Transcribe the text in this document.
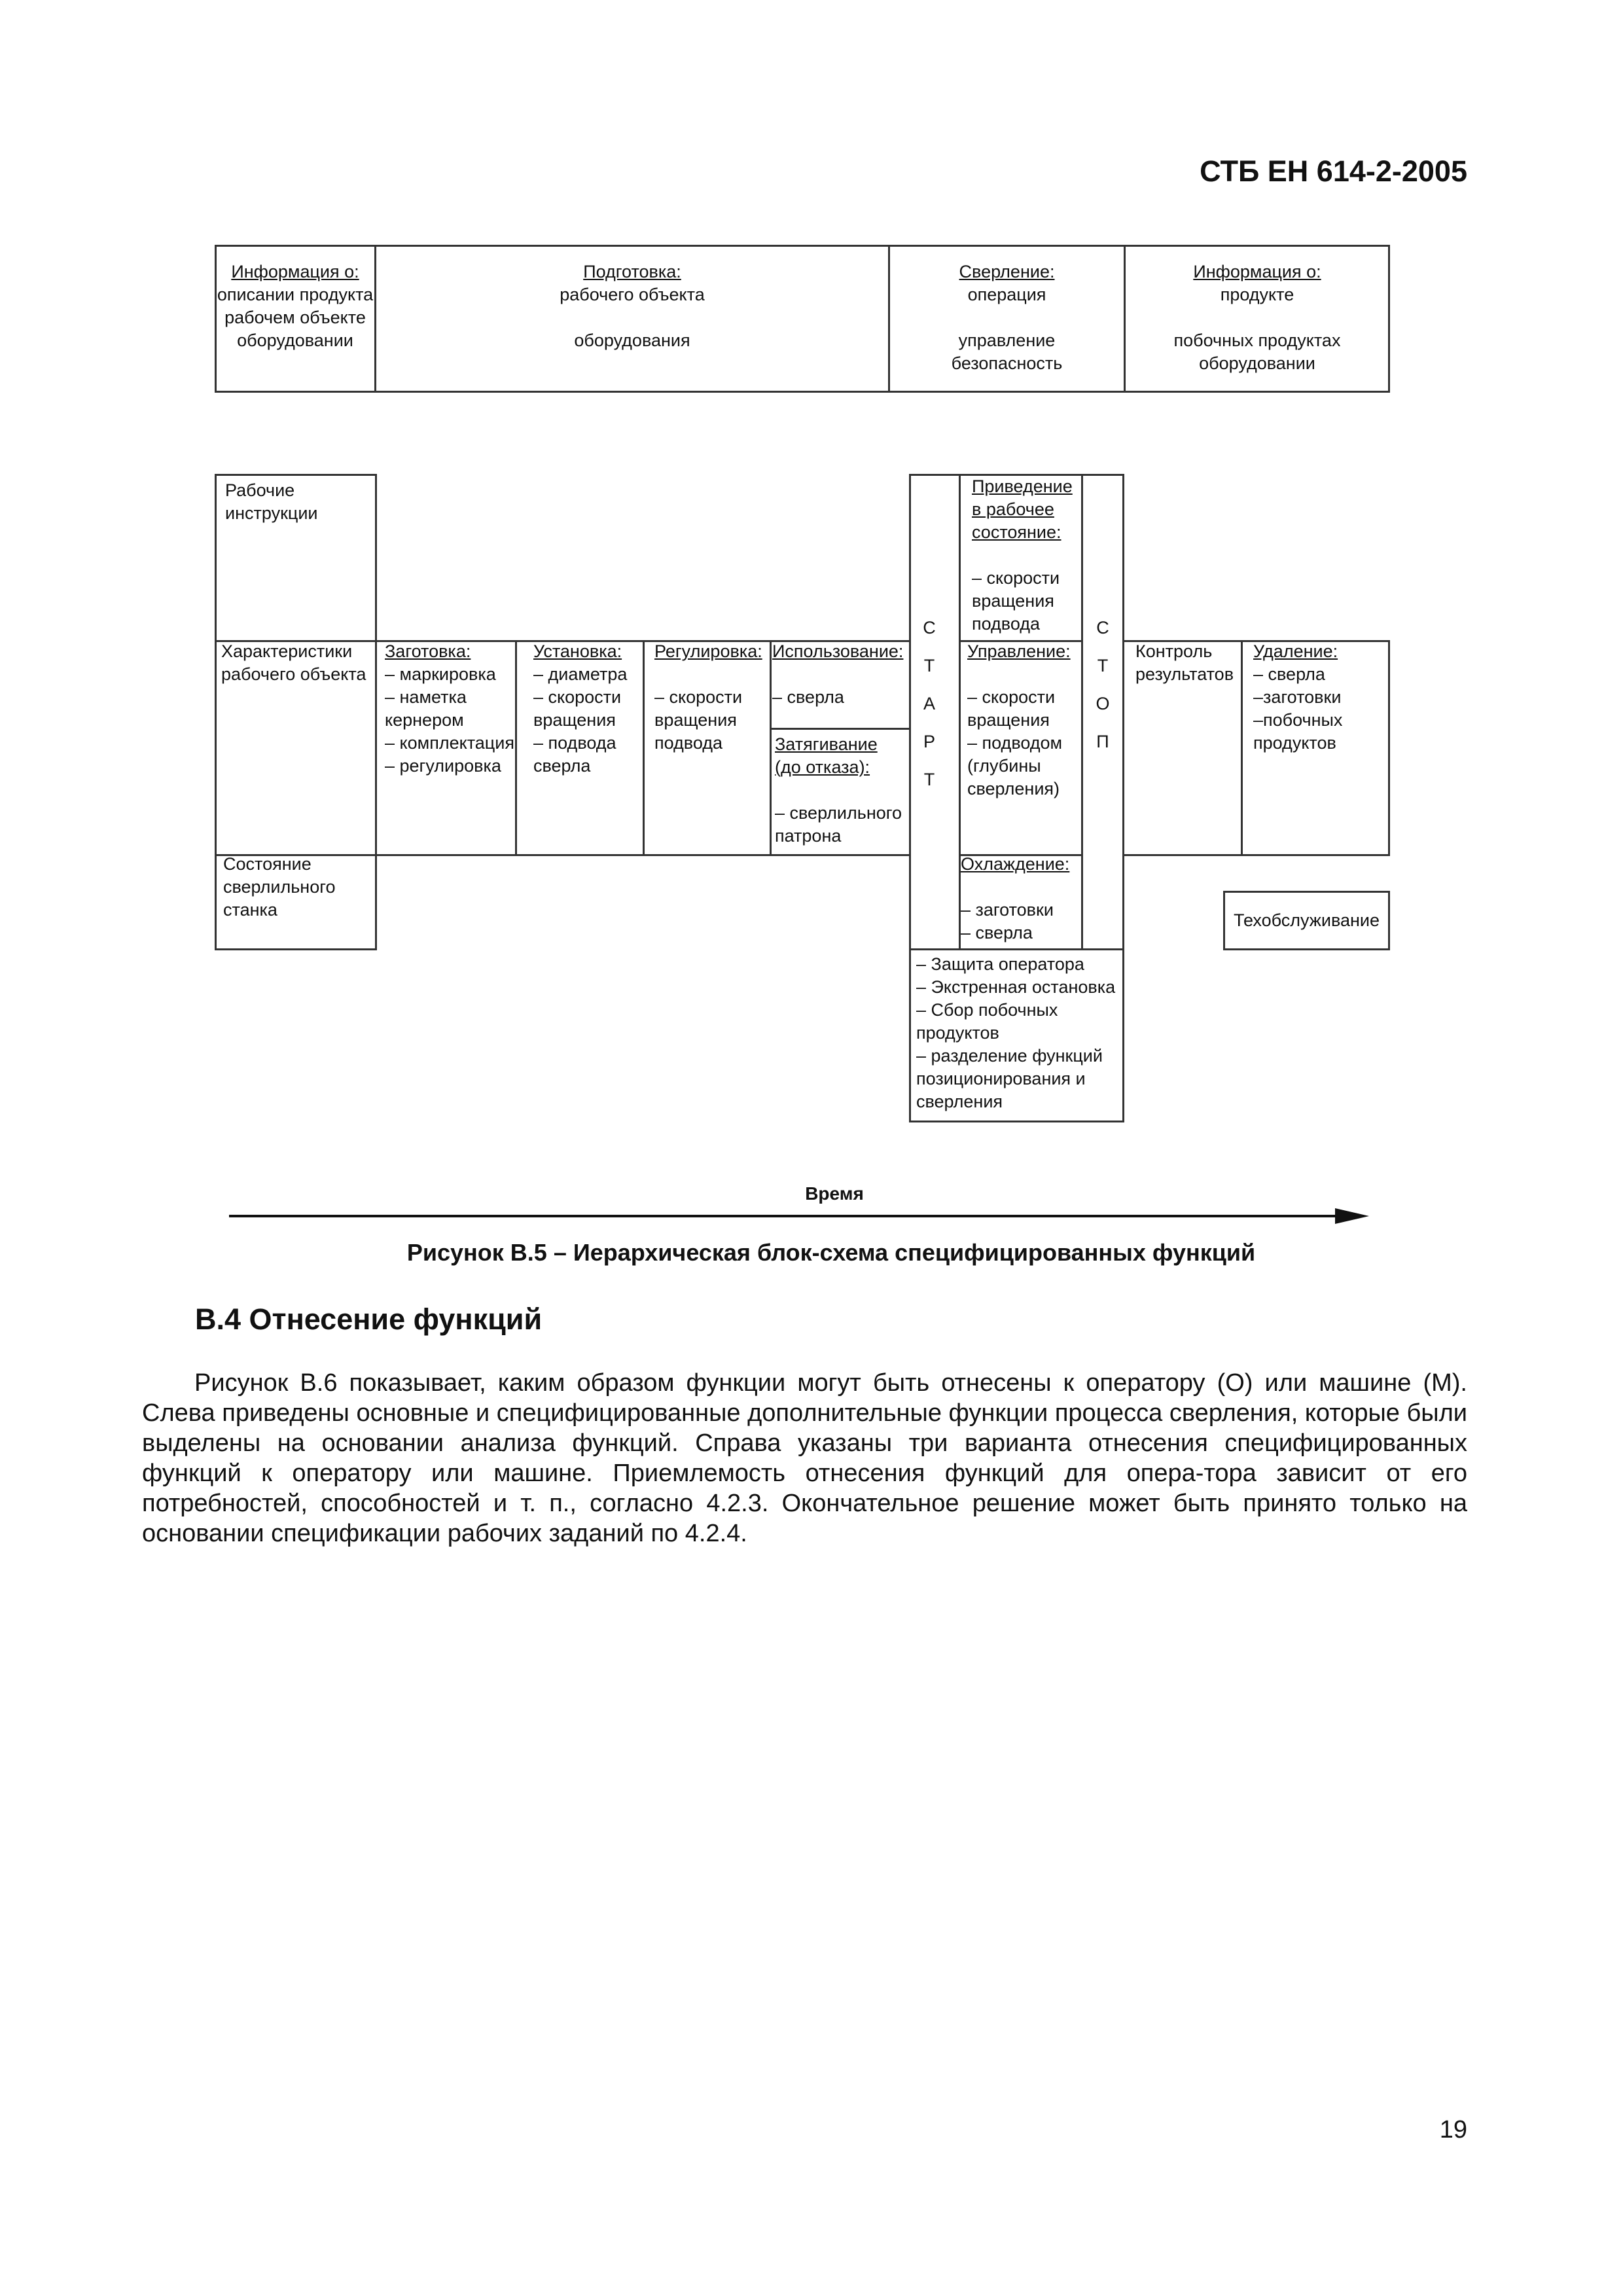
СТБ ЕН 614-2-2005
Информация о:
описании продукта
рабочем объекте
оборудовании
Подготовка:
рабочего объекта

оборудования
Сверление:
операция

управление
безопасность
Информация о:
продукте

побочных продуктах
оборудовании
Рабочие
инструкции
Характеристики
рабочего объекта
Состояние
сверлильного
станка
Заготовка:
– маркировка
– наметка
кернером
– комплектация
– регулировка
Установка:
– диаметра
– скорости
вращения
– подвода
сверла
Регулировка:

– скорости
вращения
подвода
Использование:

– сверла
Затягивание
(до отказа):
– сверлильного
патрона
С
Т
А
Р
Т
Приведение
в рабочее
состояние:
– скорости
вращения
подвода
Управление:

– скорости
вращения
– подводом
(глубины
сверления)
Охлаждение:
– заготовки
– сверла
С
Т
О
П
Контроль
результатов
Удаление:
– сверла
–заготовки
–побочных
продуктов
Техобслуживание
– Защита оператора
– Экстренная остановка
– Сбор побочных
продуктов
– разделение функций
позиционирования и
сверления
Время
Рисунок B.5 – Иерархическая блок-схема специфицированных функций
B.4 Отнесение функций

Рисунок B.6 показывает, каким образом функции могут быть отнесены к оператору (О) или машине (М). Слева приведены основные и специфицированные дополнительные функции процесса сверления, которые были выделены на основании анализа функций. Справа указаны три варианта отнесения специфицированных функций к оператору или машине. Приемлемость отнесения функций для опера-тора зависит от его потребностей, способностей и т. п., согласно 4.2.3. Окончательное решение может быть принято только на основании спецификации рабочих заданий по 4.2.4.

19
